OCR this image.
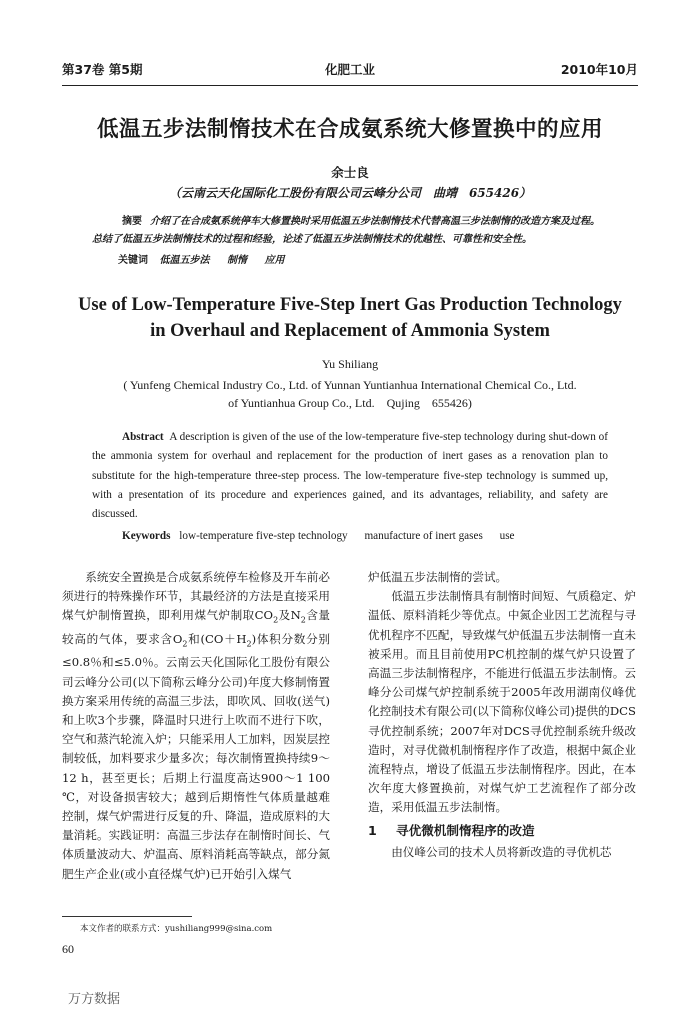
第37卷 第5期	化肥工业	2010年10月
低温五步法制惰技术在合成氨系统大修置换中的应用
余士良
（云南云天化国际化工股份有限公司云峰分公司　曲靖　655426）
摘要 介绍了在合成氨系统停车大修置换时采用低温五步法制惰技术代替高温三步法制惰的改造方案及过程。总结了低温五步法制惰技术的过程和经验，论述了低温五步法制惰技术的优越性、可靠性和安全性。
关键词 低温五步法 制惰 应用
Use of Low-Temperature Five-Step Inert Gas Production Technology
in Overhaul and Replacement of Ammonia System
Yu Shiliang
( Yunfeng Chemical Industry Co., Ltd. of Yunnan Yuntianhua International Chemical Co., Ltd.
of Yuntianhua Group Co., Ltd.　Qujing　655426)
Abstract A description is given of the use of the low-temperature five-step technology during shut-down of the ammonia system for overhaul and replacement for the production of inert gases as a renovation plan to substitute for the high-temperature three-step process. The low-temperature five-step technology is summed up, with a presentation of its procedure and experiences gained, and its advantages, reliability, and safety are discussed.
Keywords low-temperature five-step technology manufacture of inert gases use

系统安全置换是合成氨系统停车检修及开车前必须进行的特殊操作环节，其最经济的方法是直接采用煤气炉制惰置换，即利用煤气炉制取$CO_2$及$N_2$含量较高的气体，要求含$O_2$和$(CO+H_2)$体积分数分别≤0.8％和≤5.0％。云南云天化国际化工股份有限公司云峰分公司(以下简称云峰分公司)年度大修制惰置换方案采用传统的高温三步法，即吹风、回收(送气)和上吹3个步骤，降温时只进行上吹而不进行下吹，空气和蒸汽轮流入炉；只能采用人工加料，因炭层控制较低，加料要求少量多次；每次制惰置换持续9～12 h，甚至更长；后期上行温度高达900～1 100 ℃，对设备损害较大；越到后期惰性气体质量越难控制，煤气炉需进行反复的升、降温，造成原料的大量消耗。实践证明：高温三步法存在制惰时间长、气体质量波动大、炉温高、原料消耗高等缺点，部分氮肥生产企业(或小直径煤气炉)已开始引入煤气

炉低温五步法制惰的尝试。

低温五步法制惰具有制惰时间短、气质稳定、炉温低、原料消耗少等优点。中氮企业因工艺流程与寻优机程序不匹配，导致煤气炉低温五步法制惰一直未被采用。而且目前使用PC机控制的煤气炉只设置了高温三步法制惰程序，不能进行低温五步法制惰。云峰分公司煤气炉控制系统于2005年改用湖南仪峰优化控制技术有限公司(以下简称仪峰公司)提供的DCS寻优控制系统；2007年对DCS寻优控制系统升级改造时，对寻优微机制惰程序作了改造，根据中氮企业流程特点，增设了低温五步法制惰程序。因此，在本次年度大修置换前，对煤气炉工艺流程作了部分改造，采用低温五步法制惰。

1 寻优微机制惰程序的改造

由仪峰公司的技术人员将新改造的寻优机芯

本文作者的联系方式：yushiliang999@sina.com
60
万方数据
